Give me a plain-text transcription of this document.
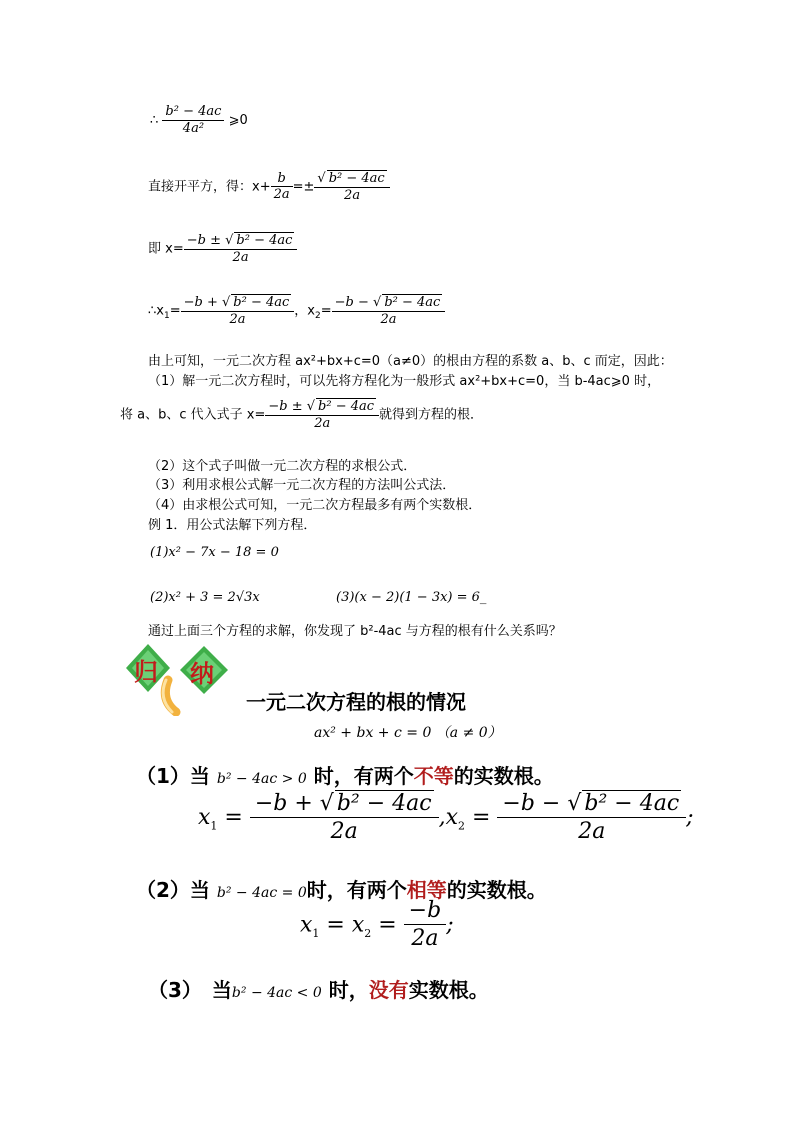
∴ $\frac{\text{b² − 4ac}}{\text{4a²}}$ ⩾0
直接开平方，得：$x+ \frac{b}{2a} =\pm \frac{\text{√ b² − 4ac}}{2a}$
即 $x= \frac{\text{−b ± √ b² − 4ac}}{2a}$
$\therefore x_1= \frac{\text{−b + √ b² − 4ac}}{2a}$ ，$x_2= \frac{\text{−b − √ b² − 4ac}}{2a}$
由上可知，一元二次方程 ax²+bx+c=0（a≠0）的根由方程的系数 a、b、c 而定，因此：
（1）解一元二次方程时，可以先将方程化为一般形式 ax²+bx+c=0，当 b-4ac⩾0 时，
将 a、b、c 代入式子 $x= \frac{\text{−b ± √ b² − 4ac}}{2a}$ 就得到方程的根．
（2）这个式子叫做一元二次方程的求根公式．
（3）利用求根公式解一元二次方程的方法叫公式法．
（4）由求根公式可知，一元二次方程最多有两个实数根．
例 1．用公式法解下列方程．
(1)x² − 7x − 18 = 0
(2)x² + 3 = 2√3x	(3)(x − 2)(1 − 3x) = 6_
通过上面三个方程的求解，你发现了 b²-4ac 与方程的根有什么关系吗？
归 纳
一元二次方程的根的情况
ax² + bx + c = 0 （a ≠ 0）
（1）当 b² − 4ac > 0 时，有两个不等的实数根。
$x_1 = \frac{\text{−b + √ b² − 4ac}}{2a} ,x_2 = \frac{\text{−b − √ b² − 4ac}}{2a}$ ;
（2）当 b² − 4ac = 0时，有两个相等的实数根。
$x_1 = x_2 = \frac{-b}{2a}$ ;
（3）　当b² − 4ac < 0 时，没有实数根。
